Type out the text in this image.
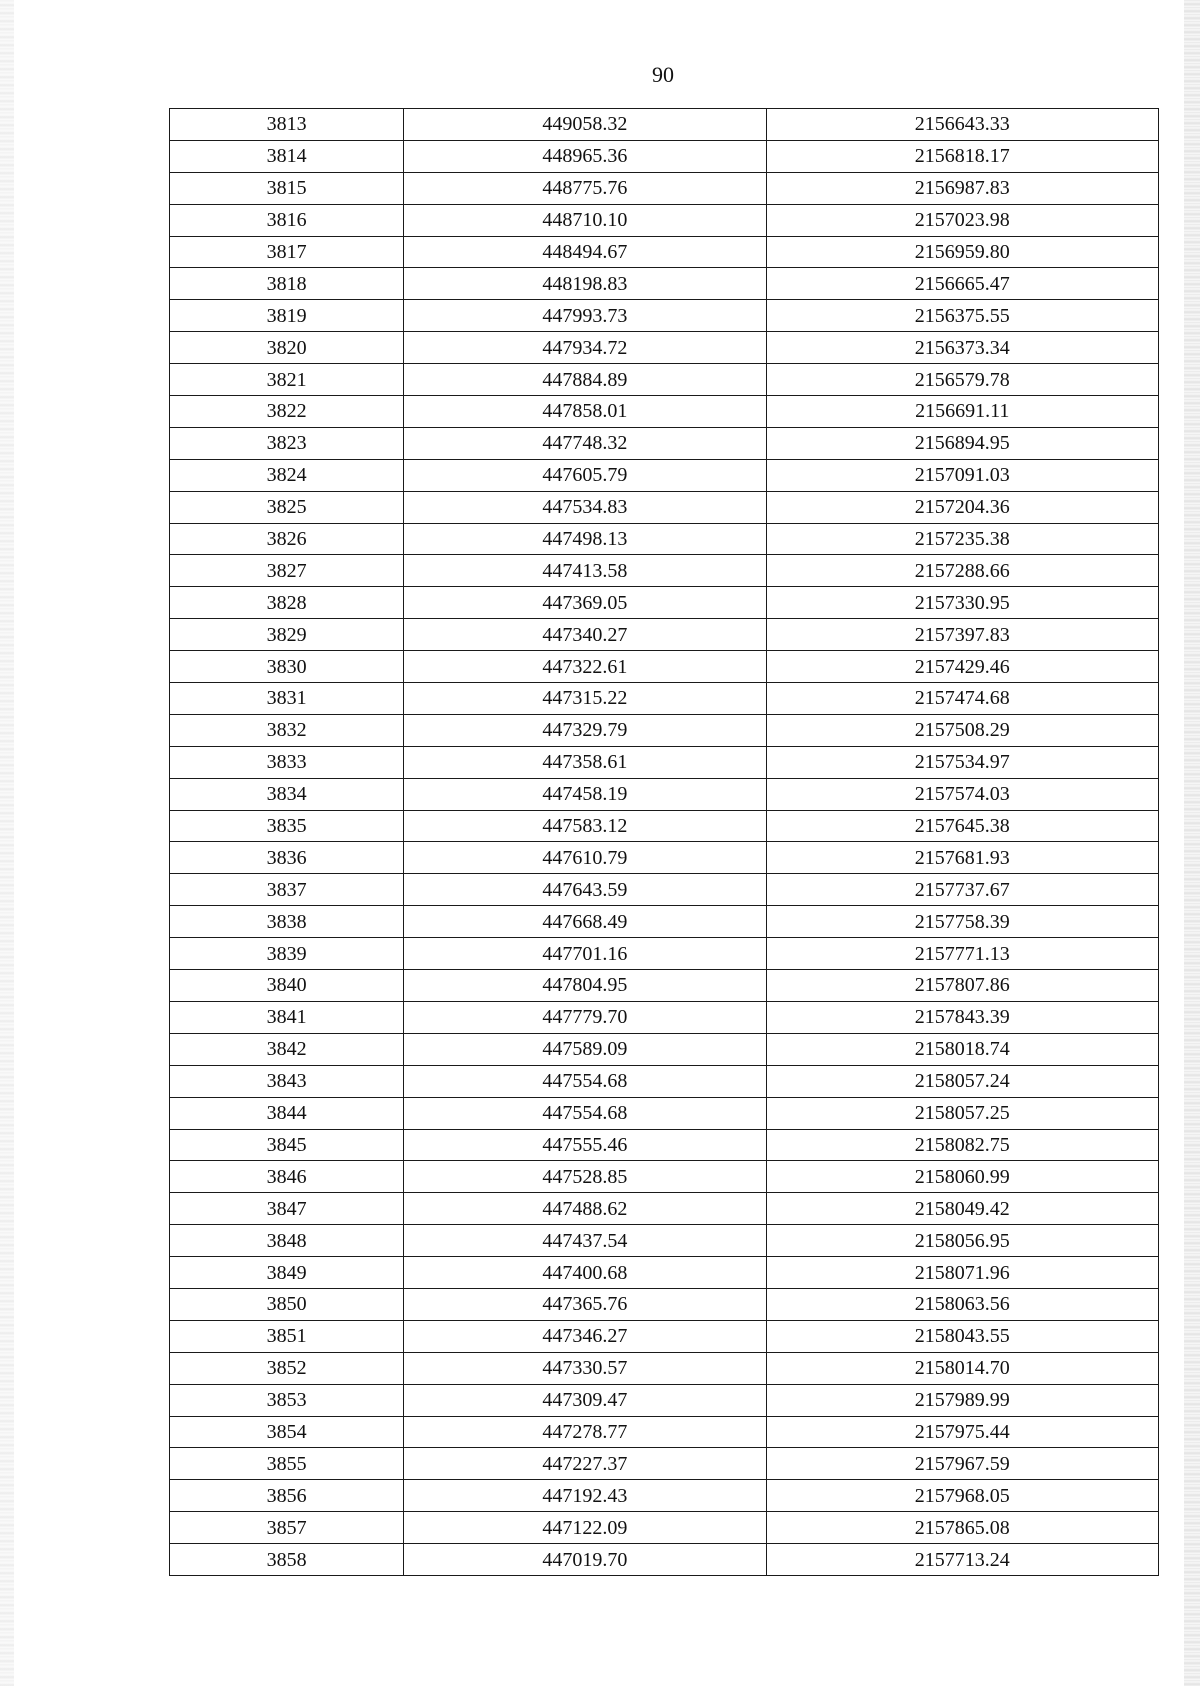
90
3813	449058.32	2156643.33
3814	448965.36	2156818.17
3815	448775.76	2156987.83
3816	448710.10	2157023.98
3817	448494.67	2156959.80
3818	448198.83	2156665.47
3819	447993.73	2156375.55
3820	447934.72	2156373.34
3821	447884.89	2156579.78
3822	447858.01	2156691.11
3823	447748.32	2156894.95
3824	447605.79	2157091.03
3825	447534.83	2157204.36
3826	447498.13	2157235.38
3827	447413.58	2157288.66
3828	447369.05	2157330.95
3829	447340.27	2157397.83
3830	447322.61	2157429.46
3831	447315.22	2157474.68
3832	447329.79	2157508.29
3833	447358.61	2157534.97
3834	447458.19	2157574.03
3835	447583.12	2157645.38
3836	447610.79	2157681.93
3837	447643.59	2157737.67
3838	447668.49	2157758.39
3839	447701.16	2157771.13
3840	447804.95	2157807.86
3841	447779.70	2157843.39
3842	447589.09	2158018.74
3843	447554.68	2158057.24
3844	447554.68	2158057.25
3845	447555.46	2158082.75
3846	447528.85	2158060.99
3847	447488.62	2158049.42
3848	447437.54	2158056.95
3849	447400.68	2158071.96
3850	447365.76	2158063.56
3851	447346.27	2158043.55
3852	447330.57	2158014.70
3853	447309.47	2157989.99
3854	447278.77	2157975.44
3855	447227.37	2157967.59
3856	447192.43	2157968.05
3857	447122.09	2157865.08
3858	447019.70	2157713.24
